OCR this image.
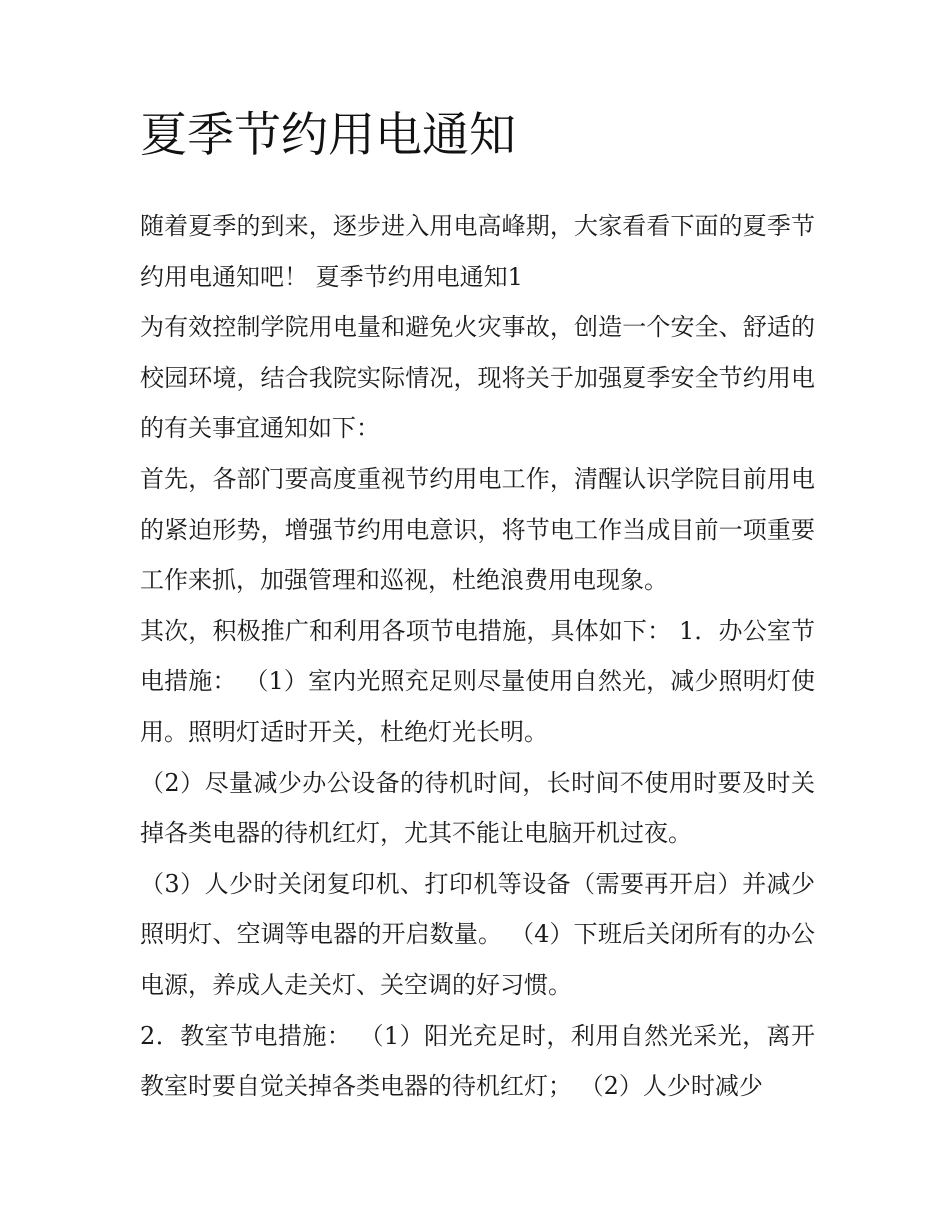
夏季节约用电通知

随着夏季的到来，逐步进入用电高峰期，大家看看下面的夏季节约用电通知吧！ 夏季节约用电通知1

为有效控制学院用电量和避免火灾事故，创造一个安全、舒适的校园环境，结合我院实际情况，现将关于加强夏季安全节约用电的有关事宜通知如下：

首先，各部门要高度重视节约用电工作，清醒认识学院目前用电的紧迫形势，增强节约用电意识，将节电工作当成目前一项重要工作来抓，加强管理和巡视，杜绝浪费用电现象。

其次，积极推广和利用各项节电措施，具体如下： 1．办公室节电措施： （1）室内光照充足则尽量使用自然光，减少照明灯使用。照明灯适时开关，杜绝灯光长明。

（2）尽量减少办公设备的待机时间，长时间不使用时要及时关掉各类电器的待机红灯，尤其不能让电脑开机过夜。

（3）人少时关闭复印机、打印机等设备（需要再开启）并减少照明灯、空调等电器的开启数量。 （4）下班后关闭所有的办公电源，养成人走关灯、关空调的好习惯。

2．教室节电措施： （1）阳光充足时，利用自然光采光，离开教室时要自觉关掉各类电器的待机红灯； （2）人少时减少
